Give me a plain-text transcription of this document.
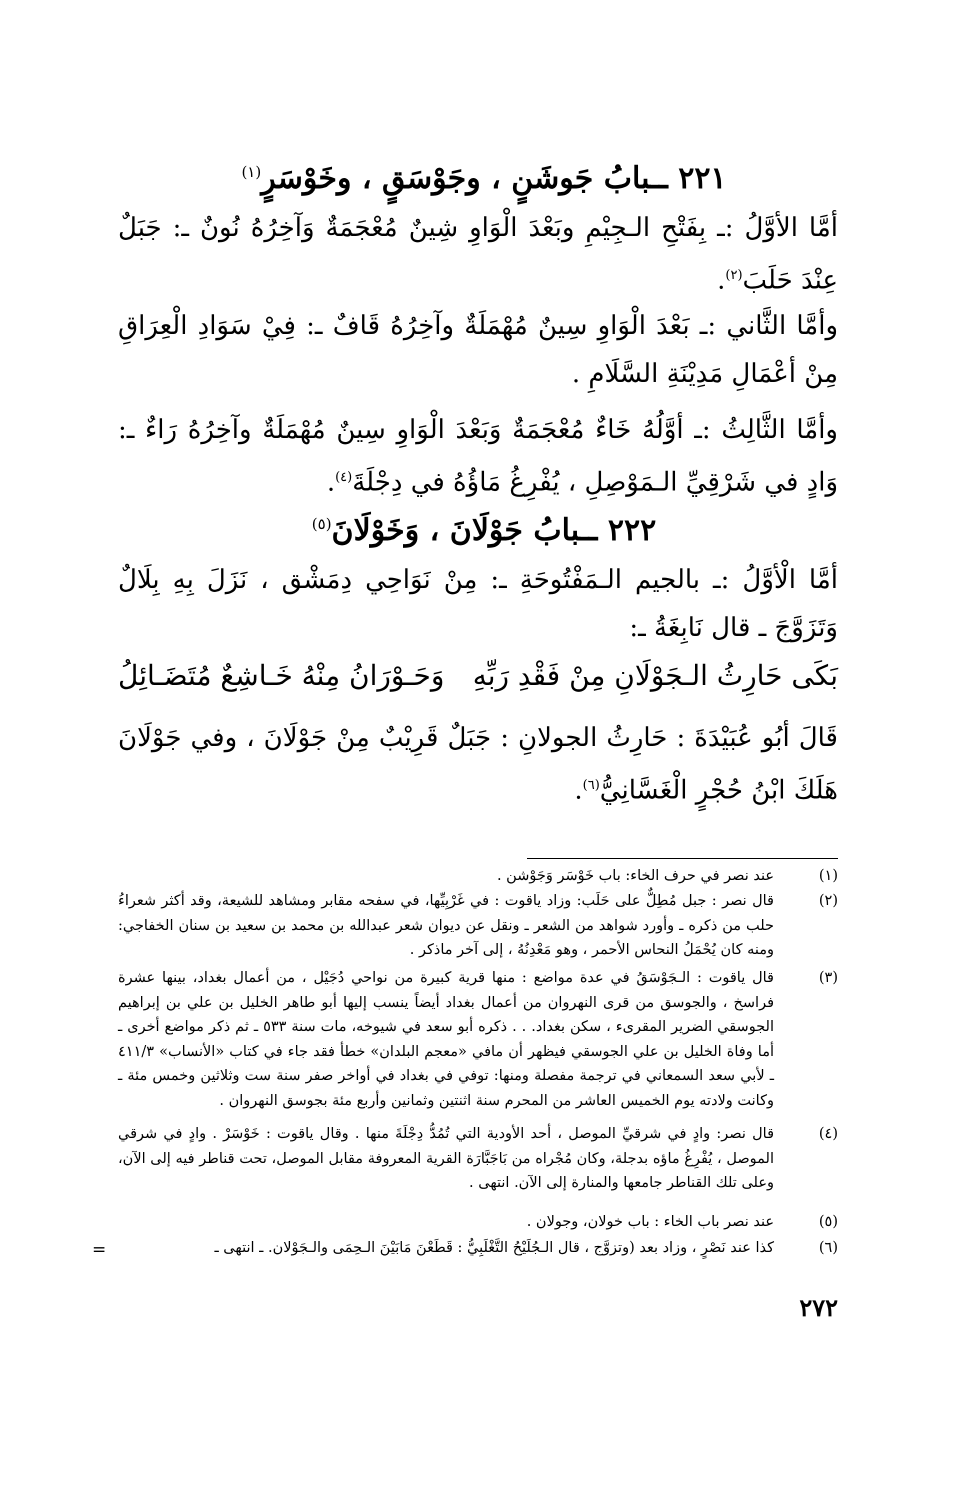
٢٢١ ــبابُ جَوشَنٍ ، وجَوْسَقٍ ، وخَوْسَرٍ$^{(١)}$
أمَّا الأوَّلُ :ـ بِفَتْحِ الـجِيْمِ وبَعْدَ الْوَاوِ شِينٌ مُعْجَمَةٌ وَآخِرُهُ نُونٌ ـ: جَبَلٌ عِنْدَ حَلَبَ$^{(٢)}$.
وأمَّا الثَّاني :ـ بَعْدَ الْوَاوِ سِينٌ مُهْمَلَةٌ وآخِرُهُ قَافٌ ـ: فِيْ سَوَادِ الْعِرَاقِ مِنْ أعْمَالِ مَدِيْنَةِ السَّلَامِ .
وأمَّا الثَّالِثُ :ـ أوَّلُهُ خَاءٌ مُعْجَمَةٌ وَبَعْدَ الْوَاوِ سِينٌ مُهْمَلَةٌ وآخِرُهُ رَاءٌ ـ: وَادٍ في شَرْقِيِّ الـمَوْصِلِ ، يُفْرِغُ مَاؤُهُ في دِجْلَةَ$^{(٤)}$.
٢٢٢ ــبابُ جَوْلَانَ ، وَخَوْلَانَ$^{(٥)}$
أمَّا الْأوَّلُ :ـ بالجيم الـمَفْتُوحَةِ ـ: مِنْ نَوَاحِي دِمَشْق ، نَزَلَ بِهِ بِلَالٌ وَتَزَوَّجَ ـ قال نَابِغَةُ ـ:
بَكَى حَارِثُ الـجَوْلَانِ مِنْ فَقْدِ رَبِّهِ
وَحَـوْرَانُ مِنْهُ خَـاشِعٌ مُتَضَـائِلُ
قَالَ أبُو عُبَيْدَةَ : حَارِثُ الجولانِ : جَبَلٌ قَرِيْبٌ مِنْ جَوْلَانَ ، وفي جَوْلَانَ هَلَكَ ابْنُ حُجْرٍ الْغَسَّانِيُّ$^{(٦)}$.
(١)
عند نصر في حرف الخاء: باب خَوْسَر وَجَوْشن .
(٢)
قال نصر : جبل مُطِلٌّ على حَلَب: وزاد ياقوت : في غَرْبِيِّها، في سفحه مقابر ومشاهد للشيعة، وقد أكثر شعراءُ حلب من ذكره ـ وأورد شواهد من الشعر ـ ونقل عن ديوان شعر عبدالله بن محمد بن سعيد بن سنان الخفاجي: ومنه كان يُحْمَلُ النحاس الأحمر ، وهو مَعْدِنُهُ ، إلى آخر ماذكر .
(٣)
قال ياقوت : الـجَوْسَقُ في عدة مواضع : منها قرية كبيرة من نواحي دُجَيْل ، من أعمال بغداد، بينها عشرة فراسخ ، والجوسق من قرى النهروان من أعمال بغداد أيضاً ينسب إليها أبو طاهر الخليل بن علي بن إبراهيم الجوسقي الضرير المقرىء ، سكن بغداد. . . ذكره أبو سعد في شيوخه، مات سنة ٥٣٣ ـ ثم ذكر مواضع أخرى ـ أما وفاة الخليل بن علي الجوسقي فيظهر أن مافي «معجم البلدان» خطأ فقد جاء في كتاب «الأنساب» ٤١١/٣ ـ لأبي سعد السمعاني في ترجمة مفصلة ومنها: توفي في بغداد في أواخر صفر سنة ست وثلاثين وخمس مئة ـ وكانت ولادته يوم الخميس العاشر من المحرم سنة اثنتين وثمانين وأربع مئة بجوسق النهروان .
(٤)
قال نصر: وادٍ في شرقيِّ الموصل ، أحد الأودية التي تُمُدُّ دِجْلَةَ منها . وقال ياقوت : خَوْسَرْ . وادٍ في شرقي الموصل ، يُفْرِغُ ماؤه بدجلة، وكان مُجْراه من بَاجَبَّارَة القرية المعروفة مقابل الموصل، تحت قناطر فيه إلى الآن، وعلى تلك القناطر جامعها والمنارة إلى الآن. انتهى .
(٥)
عند نصر باب الخاء : باب خولان، وجولان .
(٦)
كذا عند نَصْرٍ ، وزاد بعد (وتزوَّج ، قال الـجُلَيْحُ التَّغْلَبِيُّ : قَطَعْنَ مَابَيْنَ الـحِمَى والـجَوْلان. ـ انتهى ـ
=
٢٧٢
